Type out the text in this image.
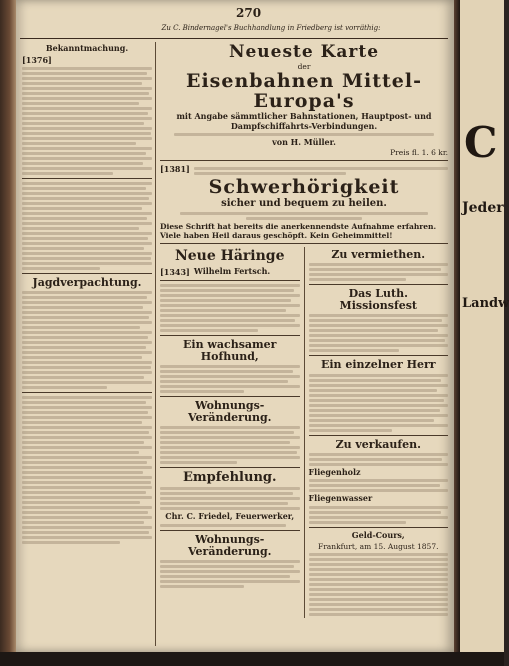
270
Zu C. Bindernagel's Buchhandlung in Friedberg ist vorräthig:
Bekanntmachung.
[1376]
Jagdverpachtung.
Neueste Karte
der
Eisenbahnen Mittel-Europa's
mit Angabe sämmtlicher Bahnstationen, Hauptpost- und Dampfschiffahrts-Verbindungen.
von H. Müller.
Preis fl. 1. 6 kr.
[1381]
Schwerhörigkeit
sicher und bequem zu heilen.
Diese Schrift hat bereits die anerkennendste Aufnahme erfahren. Viele haben Heil daraus geschöpft. Kein Geheimmittel!
Neue Häringe
[1343] Wilhelm Fertsch.
Ein wachsamer Hofhund,
Wohnungs-Veränderung.
Empfehlung.
Chr. C. Friedel, Feuerwerker,
Wohnungs-Veränderung.
Zu vermiethen.
Das Luth. Missionsfest
Ein einzelner Herr
Zu verkaufen.
Fliegenholz
Fliegenwasser
Geld-Cours,
Frankfurt, am 15. August 1857.
C
Jeder
Landw
